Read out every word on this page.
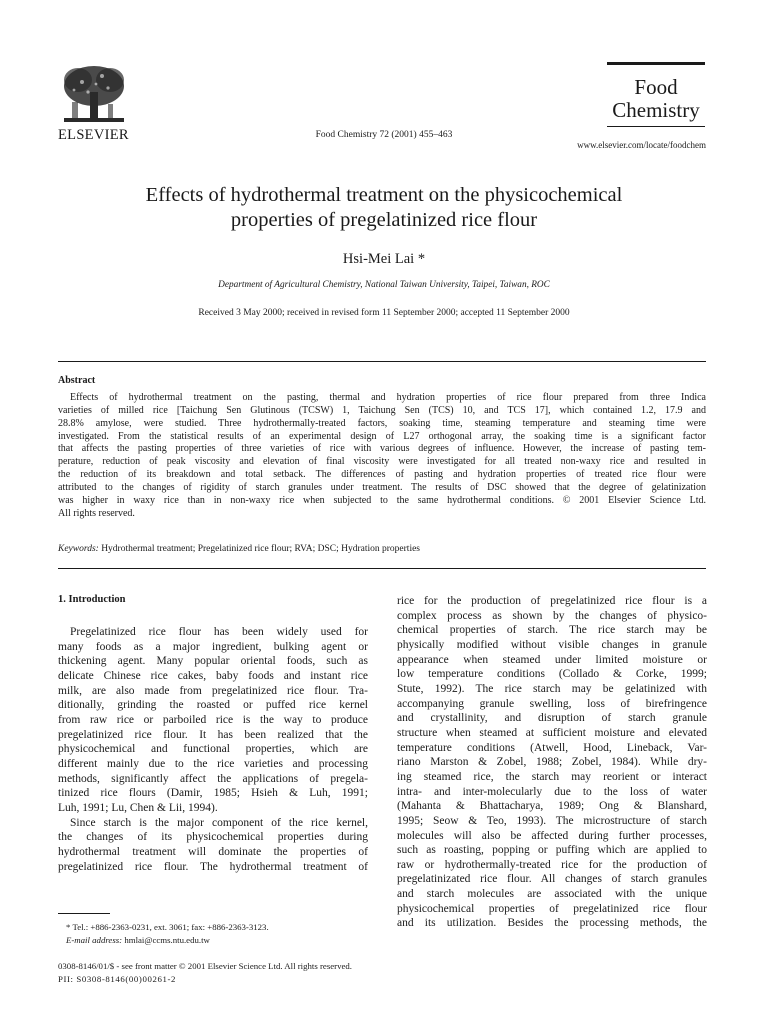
ELSEVIER	Food Chemistry 72 (2001) 455–463
Food
Chemistry
www.elsevier.com/locate/foodchem
Effects of hydrothermal treatment on the physicochemical
properties of pregelatinized rice flour
Hsi-Mei Lai *
Department of Agricultural Chemistry, National Taiwan University, Taipei, Taiwan, ROC
Received 3 May 2000; received in revised form 11 September 2000; accepted 11 September 2000
Abstract
Effects of hydrothermal treatment on the pasting, thermal and hydration properties of rice flour prepared from three Indica
varieties of milled rice [Taichung Sen Glutinous (TCSW) 1, Taichung Sen (TCS) 10, and TCS 17], which contained 1.2, 17.9 and
28.8% amylose, were studied. Three hydrothermally-treated factors, soaking time, steaming temperature and steaming time were
investigated. From the statistical results of an experimental design of L27 orthogonal array, the soaking time is a significant factor
that affects the pasting properties of three varieties of rice with various degrees of influence. However, the increase of pasting tem-
perature, reduction of peak viscosity and elevation of final viscosity were investigated for all treated non-waxy rice and resulted in
the reduction of its breakdown and total setback. The differences of pasting and hydration properties of treated rice flour were
attributed to the changes of rigidity of starch granules under treatment. The results of DSC showed that the degree of gelatinization
was higher in waxy rice than in non-waxy rice when subjected to the same hydrothermal conditions. © 2001 Elsevier Science Ltd.
All rights reserved.
Keywords: Hydrothermal treatment; Pregelatinized rice flour; RVA; DSC; Hydration properties
1. Introduction
Pregelatinized rice flour has been widely used for
many foods as a major ingredient, bulking agent or
thickening agent. Many popular oriental foods, such as
delicate Chinese rice cakes, baby foods and instant rice
milk, are also made from pregelatinized rice flour. Tra-
ditionally, grinding the roasted or puffed rice kernel
from raw rice or parboiled rice is the way to produce
pregelatinized rice flour. It has been realized that the
physicochemical and functional properties, which are
different mainly due to the rice varieties and processing
methods, significantly affect the applications of pregela-
tinized rice flours (Damir, 1985; Hsieh & Luh, 1991;
Luh, 1991; Lu, Chen & Lii, 1994).
Since starch is the major component of the rice kernel,
the changes of its physicochemical properties during
hydrothermal treatment will dominate the properties of
pregelatinized rice flour. The hydrothermal treatment of
rice for the production of pregelatinized rice flour is a
complex process as shown by the changes of physico-
chemical properties of starch. The rice starch may be
physically modified without visible changes in granule
appearance when steamed under limited moisture or
low temperature conditions (Collado & Corke, 1999;
Stute, 1992). The rice starch may be gelatinized with
accompanying granule swelling, loss of birefringence
and crystallinity, and disruption of starch granule
structure when steamed at sufficient moisture and elevated
temperature conditions (Atwell, Hood, Lineback, Var-
riano Marston & Zobel, 1988; Zobel, 1984). While dry-
ing steamed rice, the starch may reorient or interact
intra- and inter-molecularly due to the loss of water
(Mahanta & Bhattacharya, 1989; Ong & Blanshard,
1995; Seow & Teo, 1993). The microstructure of starch
molecules will also be affected during further processes,
such as roasting, popping or puffing which are applied to
raw or hydrothermally-treated rice for the production of
pregelatinizated rice flour. All changes of starch granules
and starch molecules are associated with the unique
physicochemical properties of pregelatinized rice flour
and its utilization. Besides the processing methods, the
* Tel.: +886-2363-0231, ext. 3061; fax: +886-2363-3123.
E-mail address: hmlai@ccms.ntu.edu.tw
0308-8146/01/$ - see front matter © 2001 Elsevier Science Ltd. All rights reserved.
PII: S0308-8146(00)00261-2
